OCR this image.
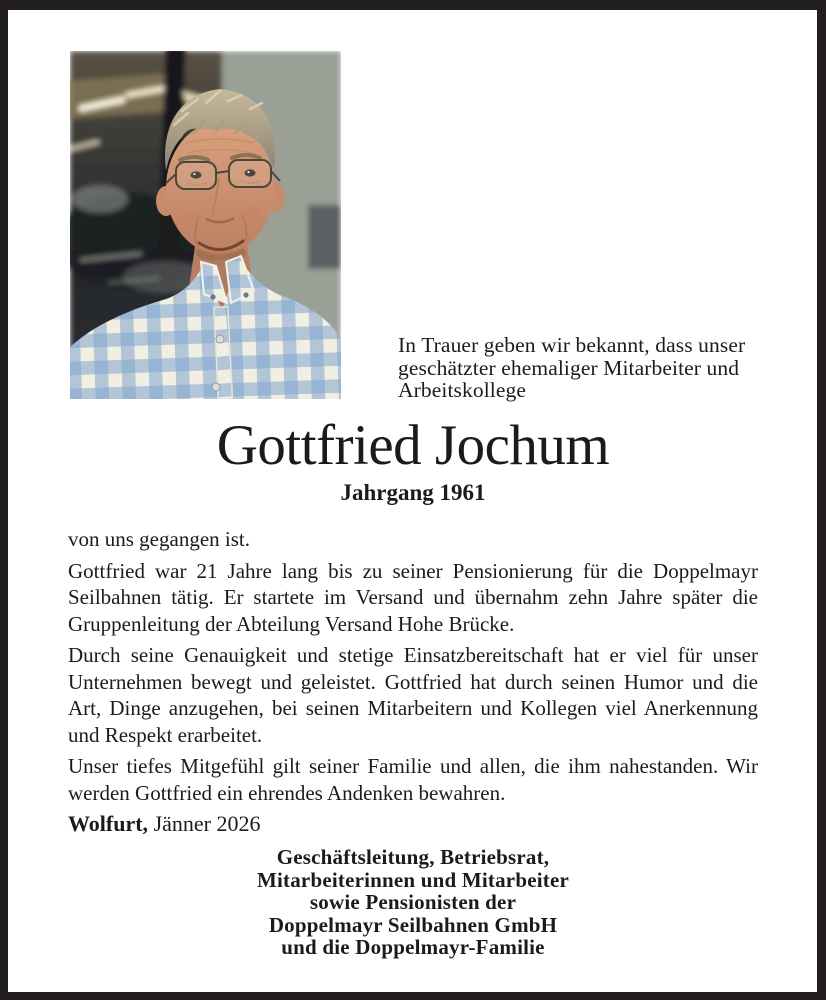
In Trauer geben wir bekannt, dass unser
geschätzter ehemaliger Mitarbeiter und
Arbeitskollege
Gottfried Jochum
Jahrgang 1961

von uns gegangen ist.

Gottfried war 21 Jahre lang bis zu seiner Pensionierung für die Doppelmayr Seilbahnen tätig. Er startete im Versand und übernahm zehn Jahre später die Gruppenleitung der Abteilung Versand Hohe Brücke.

Durch seine Genauigkeit und stetige Einsatzbereitschaft hat er viel für unser Unternehmen bewegt und geleistet. Gottfried hat durch seinen Humor und die Art, Dinge anzugehen, bei seinen Mitarbeitern und Kollegen viel Anerkennung und Respekt erarbeitet.

Unser tiefes Mitgefühl gilt seiner Familie und allen, die ihm nahestanden. Wir werden Gottfried ein ehrendes Andenken bewahren.

Wolfurt, Jänner 2026

Geschäftsleitung, Betriebsrat,
Mitarbeiterinnen und Mitarbeiter
sowie Pensionisten der
Doppelmayr Seilbahnen GmbH
und die Doppelmayr-Familie
